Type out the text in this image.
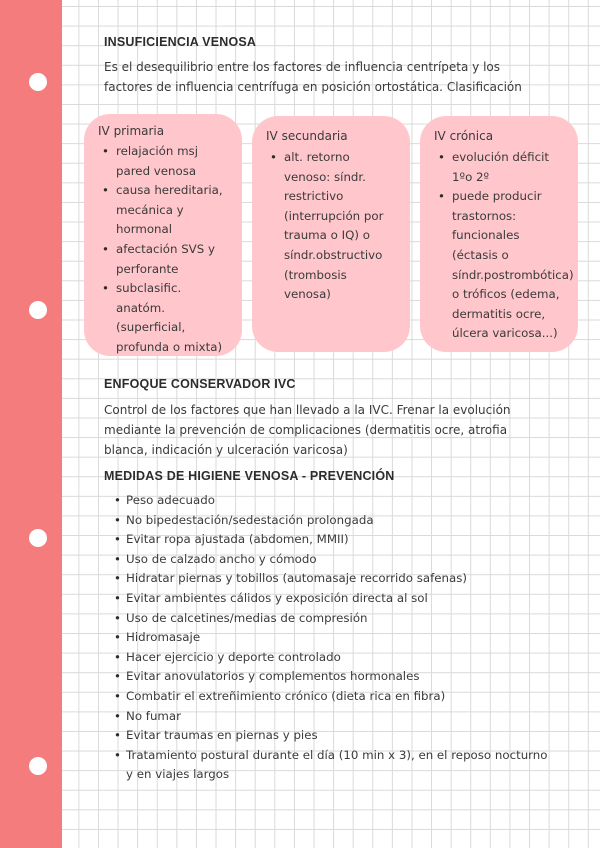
INSUFICIENCIA VENOSA
Es el desequilibrio entre los factores de influencia centrípeta y los factores de influencia centrífuga en posición ortostática. Clasificación
IV primaria
• relajación msj pared venosa
• causa hereditaria, mecánica y hormonal
• afectación SVS y perforante
• subclasific. anatóm. (superficial, profunda o mixta)
IV secundaria
• alt. retorno venoso: síndr. restrictivo (interrupción por trauma o IQ) o síndr.obstructivo (trombosis venosa)
IV crónica
• evolución déficit 1ºo 2º
• puede producir trastornos: funcionales (éctasis o síndr.postrombótica) o tróficos (edema, dermatitis ocre, úlcera varicosa...)
ENFOQUE CONSERVADOR IVC
Control de los factores que han llevado a la IVC. Frenar la evolución mediante la prevención de complicaciones (dermatitis ocre, atrofia blanca, indicación y ulceración varicosa)
MEDIDAS DE HIGIENE VENOSA - PREVENCIÓN
• Peso adecuado
• No bipedestación/sedestación prolongada
• Evitar ropa ajustada (abdomen, MMII)
• Uso de calzado ancho y cómodo
• Hidratar piernas y tobillos (automasaje recorrido safenas)
• Evitar ambientes cálidos y exposición directa al sol
• Uso de calcetines/medias de compresión
• Hidromasaje
• Hacer ejercicio y deporte controlado
• Evitar anovulatorios y complementos hormonales
• Combatir el extreñimiento crónico (dieta rica en fibra)
• No fumar
• Evitar traumas en piernas y pies
• Tratamiento postural durante el día (10 min x 3), en el reposo nocturno y en viajes largos
